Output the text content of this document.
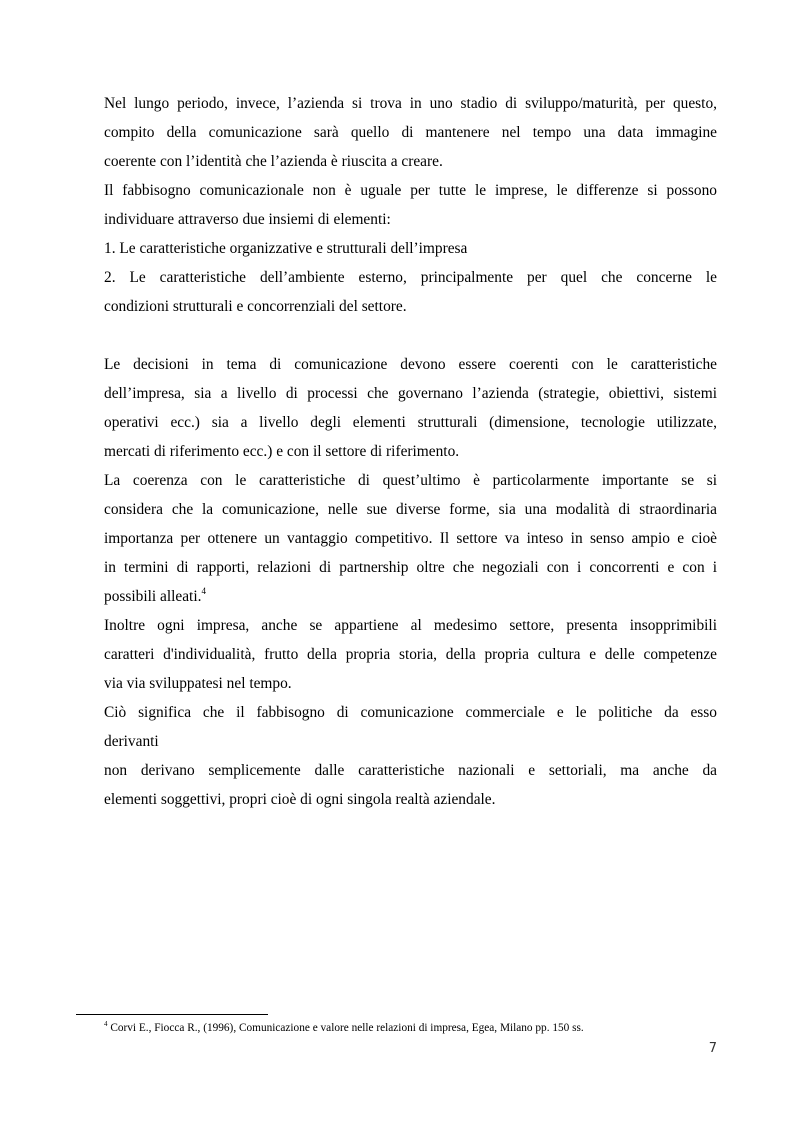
Nel lungo periodo, invece, l’azienda si trova in uno stadio di sviluppo/maturità, per questo,
compito della comunicazione sarà quello di mantenere nel tempo una data immagine
coerente con l’identità che l’azienda è riuscita a creare.
Il fabbisogno comunicazionale non è uguale per tutte le imprese, le differenze si possono
individuare attraverso due insiemi di elementi:
1. Le caratteristiche organizzative e strutturali dell’impresa
2. Le caratteristiche dell’ambiente esterno, principalmente per quel che concerne le
condizioni strutturali e concorrenziali del settore.
Le decisioni in tema di comunicazione devono essere coerenti con le caratteristiche
dell’impresa, sia a livello di processi che governano l’azienda (strategie, obiettivi, sistemi
operativi ecc.) sia a livello degli elementi strutturali (dimensione, tecnologie utilizzate,
mercati di riferimento ecc.) e con il settore di riferimento.
La coerenza con le caratteristiche di quest’ultimo è particolarmente importante se si
considera che la comunicazione, nelle sue diverse forme, sia una modalità di straordinaria
importanza per ottenere un vantaggio competitivo. Il settore va inteso in senso ampio e cioè
in termini di rapporti, relazioni di partnership oltre che negoziali con i concorrenti e con i
possibili alleati.$^4$
Inoltre ogni impresa, anche se appartiene al medesimo settore, presenta insopprimibili
caratteri d'individualità, frutto della propria storia, della propria cultura e delle competenze
via via sviluppatesi nel tempo.
Ciò significa che il fabbisogno di comunicazione commerciale e le politiche da esso
derivanti
non derivano semplicemente dalle caratteristiche nazionali e settoriali, ma anche da
elementi soggettivi, propri cioè di ogni singola realtà aziendale.
$^4$ Corvi E., Fiocca R., (1996), Comunicazione e valore nelle relazioni di impresa, Egea, Milano pp. 150 ss.
7
